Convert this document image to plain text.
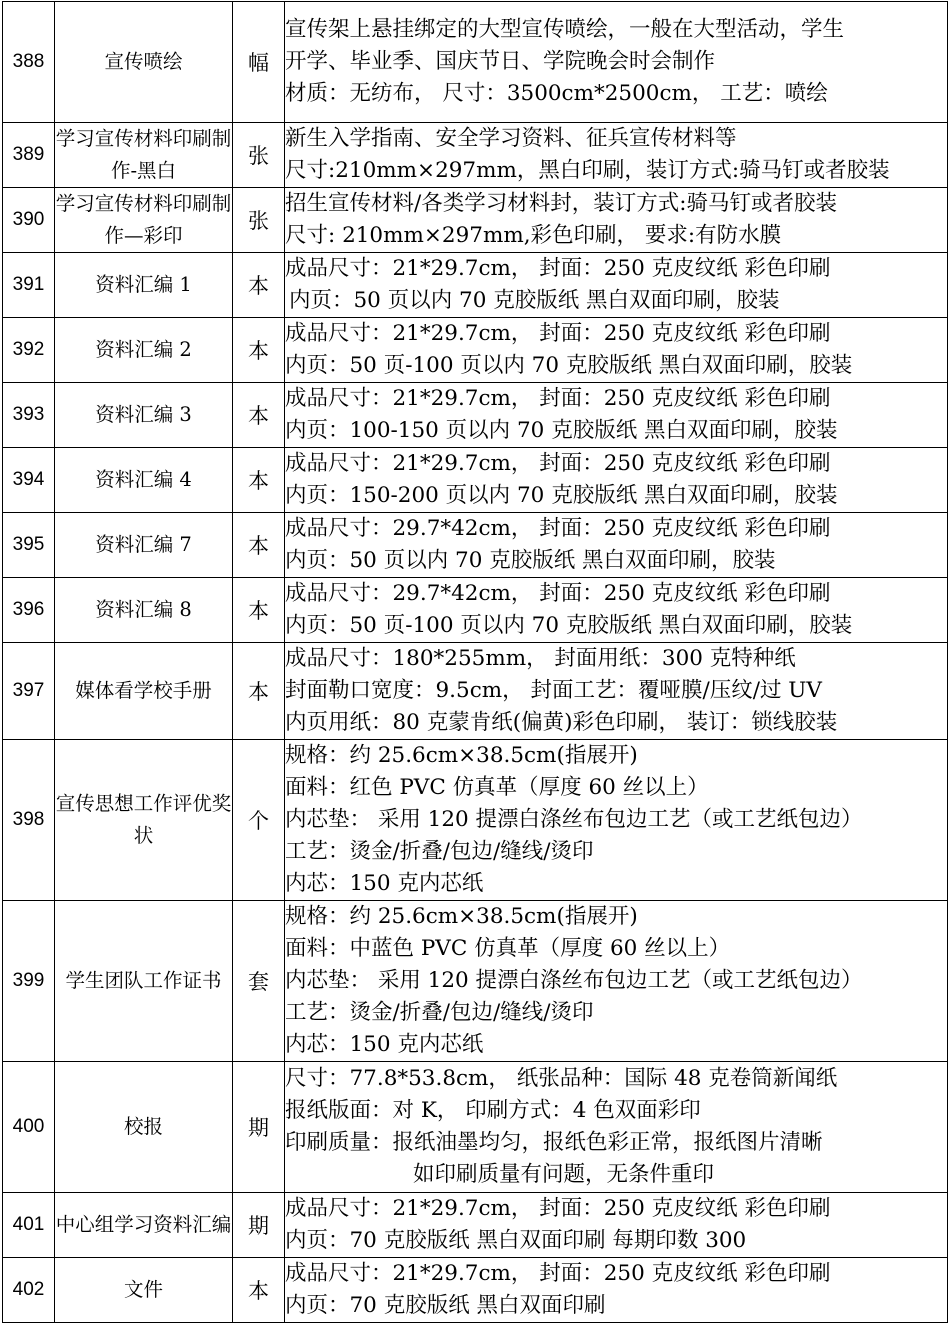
388	宣传喷绘	幅	宣传架上悬挂绑定的大型宣传喷绘，一般在大型活动，学生
开学、毕业季、国庆节日、学院晚会时会制作
材质：无纺布， 尺寸：3500cm*2500cm， 工艺：喷绘

389	学习宣传材料印刷制作-黑白	张	新生入学指南、安全学习资料、征兵宣传材料等
尺寸:210mm×297mm，黑白印刷，装订方式:骑马钉或者胶装

390	学习宣传材料印刷制作—彩印	张	招生宣传材料/各类学习材料封，装订方式:骑马钉或者胶装
尺寸: 210mm×297mm,彩色印刷， 要求:有防水膜

391	资料汇编 1	本	成品尺寸：21*29.7cm， 封面：250 克皮纹纸 彩色印刷
内页：50 页以内 70 克胶版纸 黑白双面印刷，胶装

392	资料汇编 2	本	成品尺寸：21*29.7cm， 封面：250 克皮纹纸 彩色印刷
内页：50 页-100 页以内 70 克胶版纸 黑白双面印刷，胶装

393	资料汇编 3	本	成品尺寸：21*29.7cm， 封面：250 克皮纹纸 彩色印刷
内页：100-150 页以内 70 克胶版纸 黑白双面印刷，胶装

394	资料汇编 4	本	成品尺寸：21*29.7cm， 封面：250 克皮纹纸 彩色印刷
内页：150-200 页以内 70 克胶版纸 黑白双面印刷，胶装

395	资料汇编 7	本	成品尺寸：29.7*42cm， 封面：250 克皮纹纸 彩色印刷
内页：50 页以内 70 克胶版纸 黑白双面印刷，胶装

396	资料汇编 8	本	成品尺寸：29.7*42cm， 封面：250 克皮纹纸 彩色印刷
内页：50 页-100 页以内 70 克胶版纸 黑白双面印刷，胶装

397	媒体看学校手册	本	成品尺寸：180*255mm， 封面用纸：300 克特种纸
封面勒口宽度：9.5cm， 封面工艺：覆哑膜/压纹/过 UV
内页用纸：80 克蒙肯纸(偏黄)彩色印刷， 装订：锁线胶装

398	宣传思想工作评优奖状	个	规格：约 25.6cm×38.5cm(指展开)
面料：红色 PVC 仿真革（厚度 60 丝以上）
内芯垫： 采用 120 提漂白涤丝布包边工艺（或工艺纸包边）
工艺：烫金/折叠/包边/缝线/烫印
内芯：150 克内芯纸

399	学生团队工作证书	套	规格：约 25.6cm×38.5cm(指展开)
面料：中蓝色 PVC 仿真革（厚度 60 丝以上）
内芯垫： 采用 120 提漂白涤丝布包边工艺（或工艺纸包边）
工艺：烫金/折叠/包边/缝线/烫印
内芯：150 克内芯纸

400	校报	期	尺寸：77.8*53.8cm， 纸张品种：国际 48 克卷筒新闻纸
报纸版面：对 K， 印刷方式：4 色双面彩印
印刷质量：报纸油墨均匀，报纸色彩正常，报纸图片清晰
如印刷质量有问题，无条件重印

401	中心组学习资料汇编	期	成品尺寸：21*29.7cm， 封面：250 克皮纹纸 彩色印刷
内页：70 克胶版纸 黑白双面印刷 每期印数 300

402	文件	本	成品尺寸：21*29.7cm， 封面：250 克皮纹纸 彩色印刷
内页：70 克胶版纸 黑白双面印刷
